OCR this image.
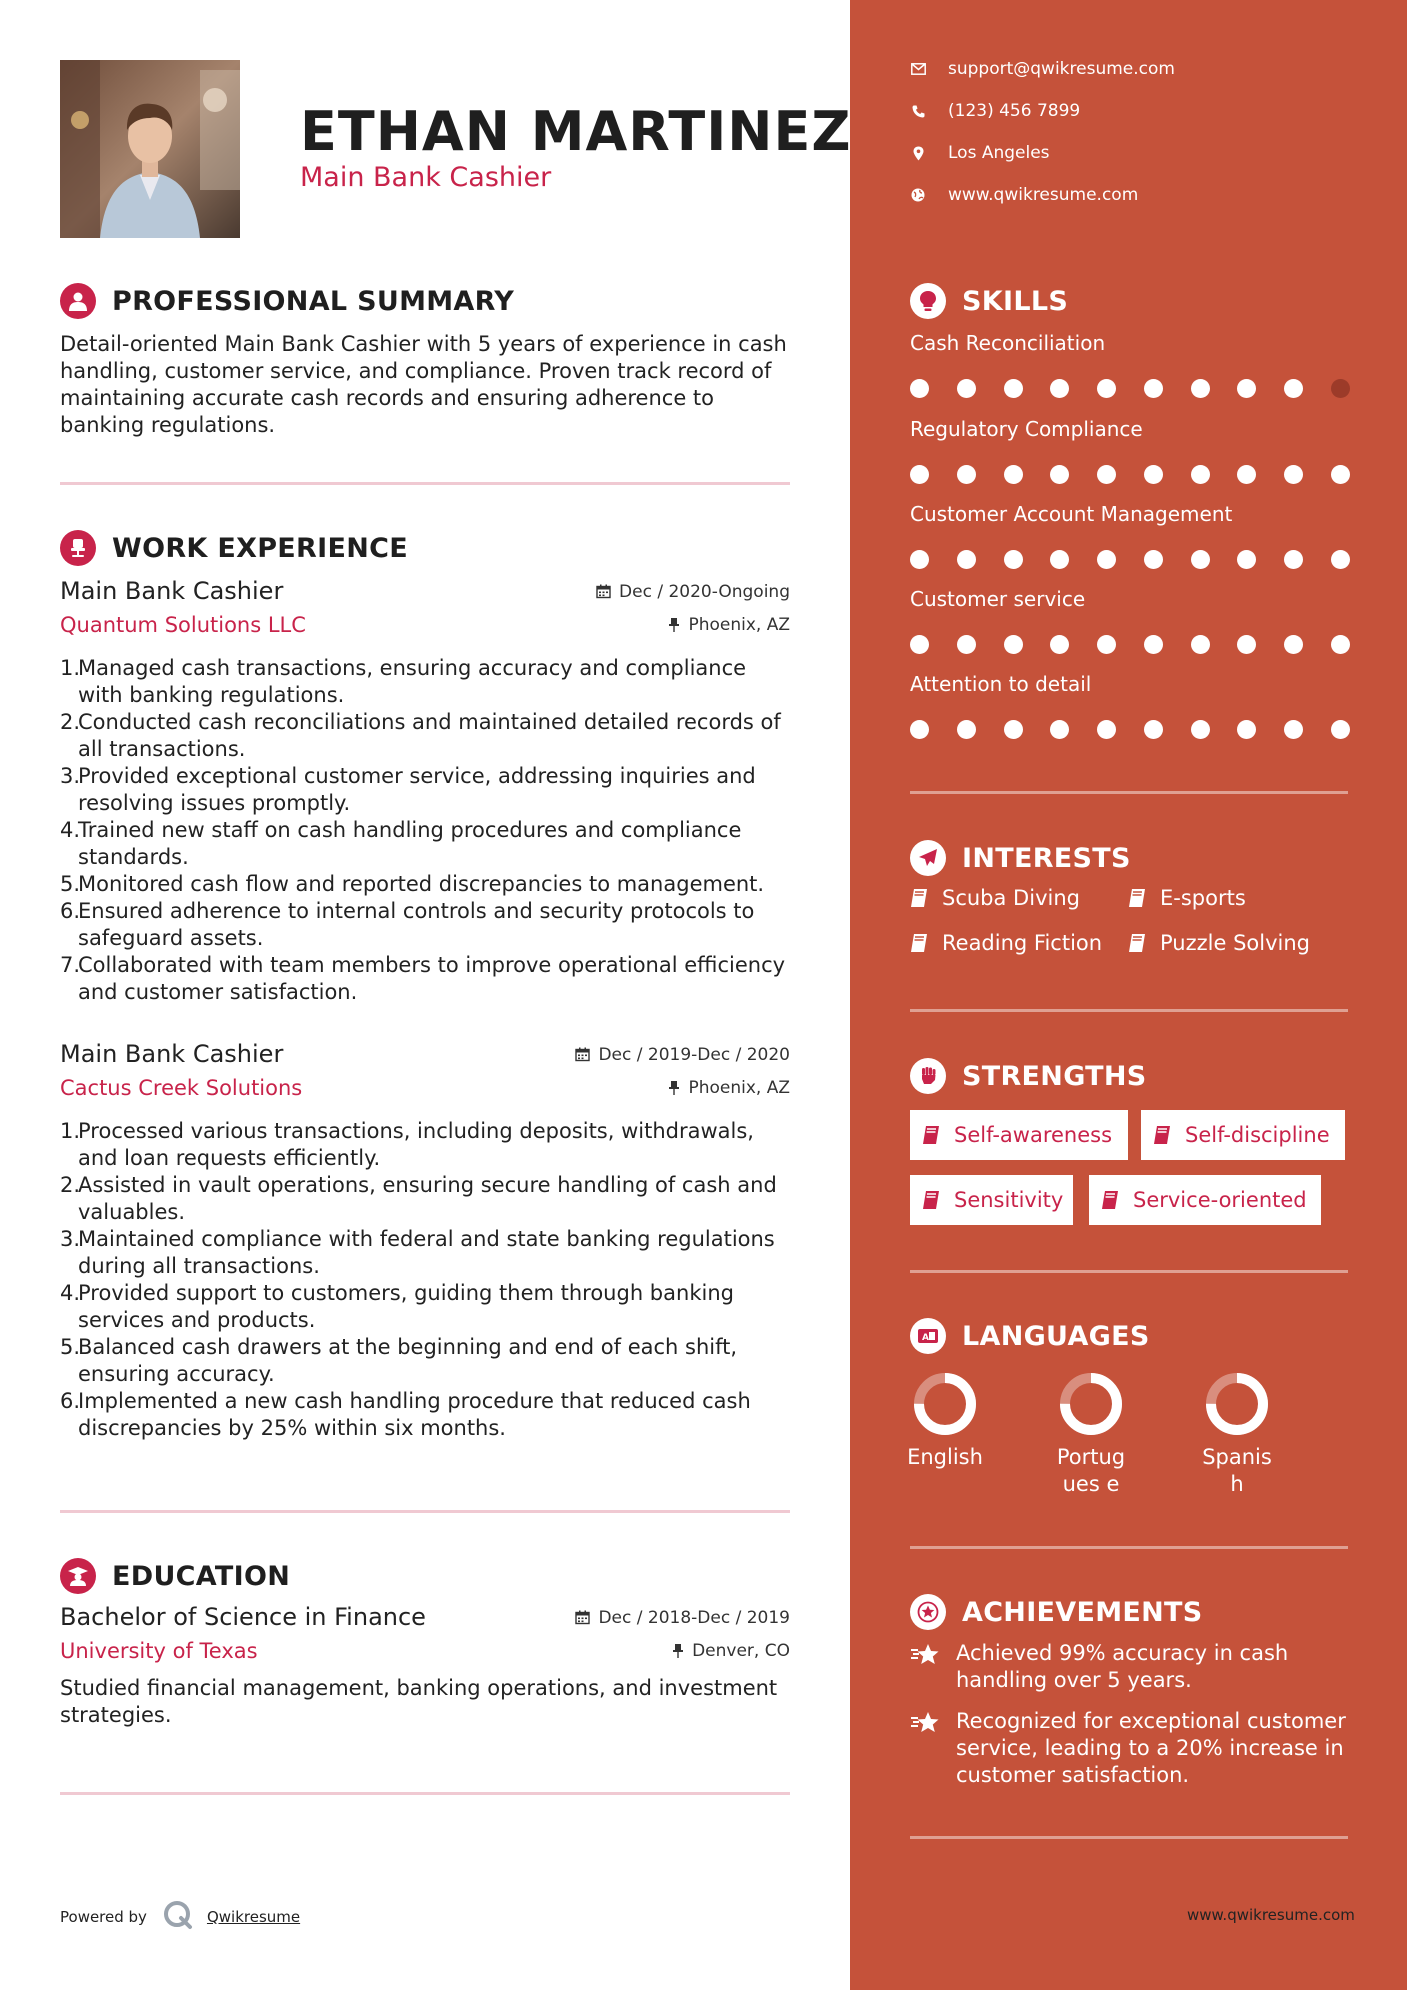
ETHAN MARTINEZ
Main Bank Cashier
PROFESSIONAL SUMMARY
Detail-oriented Main Bank Cashier with 5 years of experience in cash handling, customer service, and compliance. Proven track record of maintaining accurate cash records and ensuring adherence to banking regulations.
WORK EXPERIENCE
Main Bank Cashier	Dec / 2020-Ongoing
Quantum Solutions LLC	Phoenix, AZ
1.
Managed cash transactions, ensuring accuracy and compliance with banking regulations.
2.
Conducted cash reconciliations and maintained detailed records of all transactions.
3.
Provided exceptional customer service, addressing inquiries and resolving issues promptly.
4.
Trained new staff on cash handling procedures and compliance standards.
5.
Monitored cash flow and reported discrepancies to management.
6.
Ensured adherence to internal controls and security protocols to safeguard assets.
7.
Collaborated with team members to improve operational efficiency and customer satisfaction.
Main Bank Cashier	Dec / 2019-Dec / 2020
Cactus Creek Solutions	Phoenix, AZ
1.
Processed various transactions, including deposits, withdrawals, and loan requests efficiently.
2.
Assisted in vault operations, ensuring secure handling of cash and valuables.
3.
Maintained compliance with federal and state banking regulations during all transactions.
4.
Provided support to customers, guiding them through banking services and products.
5.
Balanced cash drawers at the beginning and end of each shift, ensuring accuracy.
6.
Implemented a new cash handling procedure that reduced cash discrepancies by 25% within six months.
EDUCATION
Bachelor of Science in Finance	Dec / 2018-Dec / 2019
University of Texas	Denver, CO
Studied financial management, banking operations, and investment strategies.
Powered by	Qwikresume
support@qwikresume.com
(123) 456 7899
Los Angeles
www.qwikresume.com
SKILLS
Cash Reconciliation
Regulatory Compliance
Customer Account Management
Customer service
Attention to detail
INTERESTS
Scuba Diving	E-sports
Reading Fiction	Puzzle Solving
STRENGTHS
Self-awareness	Self-discipline
Sensitivity	Service-oriented
A LANGUAGES
English	Portugues e
Spanish
ACHIEVEMENTS
Achieved 99% accuracy in cash handling over 5 years.
Recognized for exceptional customer service, leading to a 20% increase in customer satisfaction.
www.qwikresume.com
